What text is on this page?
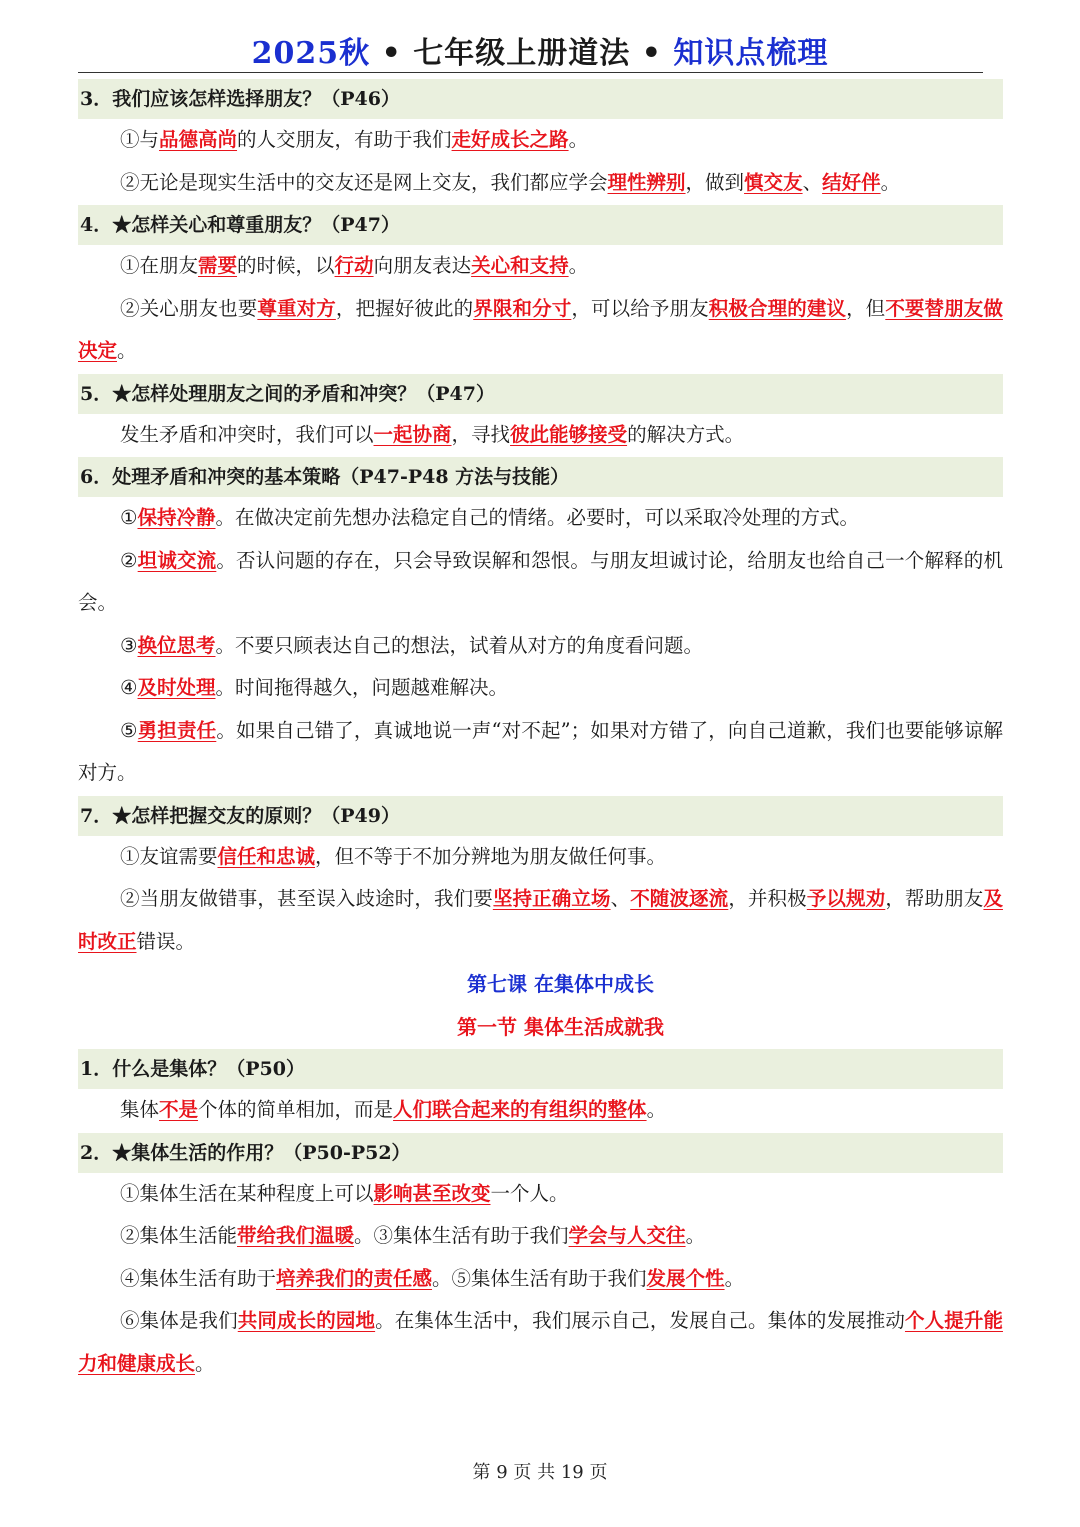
2025秋 • 七年级上册道法 • 知识点梳理
3．我们应该怎样选择朋友？（P46）
①与品德高尚的人交朋友，有助于我们走好成长之路。
②无论是现实生活中的交友还是网上交友，我们都应学会理性辨别，做到慎交友、结好伴。
4．★怎样关心和尊重朋友？（P47）
①在朋友需要的时候，以行动向朋友表达关心和支持。
②关心朋友也要尊重对方，把握好彼此的界限和分寸，可以给予朋友积极合理的建议，但不要替朋友做决定。
5．★怎样处理朋友之间的矛盾和冲突？（P47）
发生矛盾和冲突时，我们可以一起协商，寻找彼此能够接受的解决方式。
6．处理矛盾和冲突的基本策略（P47-P48 方法与技能）
①保持冷静。在做决定前先想办法稳定自己的情绪。必要时，可以采取冷处理的方式。
②坦诚交流。否认问题的存在，只会导致误解和怨恨。与朋友坦诚讨论，给朋友也给自己一个解释的机会。
③换位思考。不要只顾表达自己的想法，试着从对方的角度看问题。
④及时处理。时间拖得越久，问题越难解决。
⑤勇担责任。如果自己错了，真诚地说一声“对不起”；如果对方错了，向自己道歉，我们也要能够谅解对方。
7．★怎样把握交友的原则？（P49）
①友谊需要信任和忠诚，但不等于不加分辨地为朋友做任何事。
②当朋友做错事，甚至误入歧途时，我们要坚持正确立场、不随波逐流，并积极予以规劝，帮助朋友及时改正错误。
第七课 在集体中成长
第一节 集体生活成就我
1．什么是集体？（P50）
集体不是个体的简单相加，而是人们联合起来的有组织的整体。
2．★集体生活的作用？（P50-P52）
①集体生活在某种程度上可以影响甚至改变一个人。
②集体生活能带给我们温暖。③集体生活有助于我们学会与人交往。
④集体生活有助于培养我们的责任感。⑤集体生活有助于我们发展个性。
⑥集体是我们共同成长的园地。在集体生活中，我们展示自己，发展自己。集体的发展推动个人提升能力和健康成长。
第 9 页 共 19 页
